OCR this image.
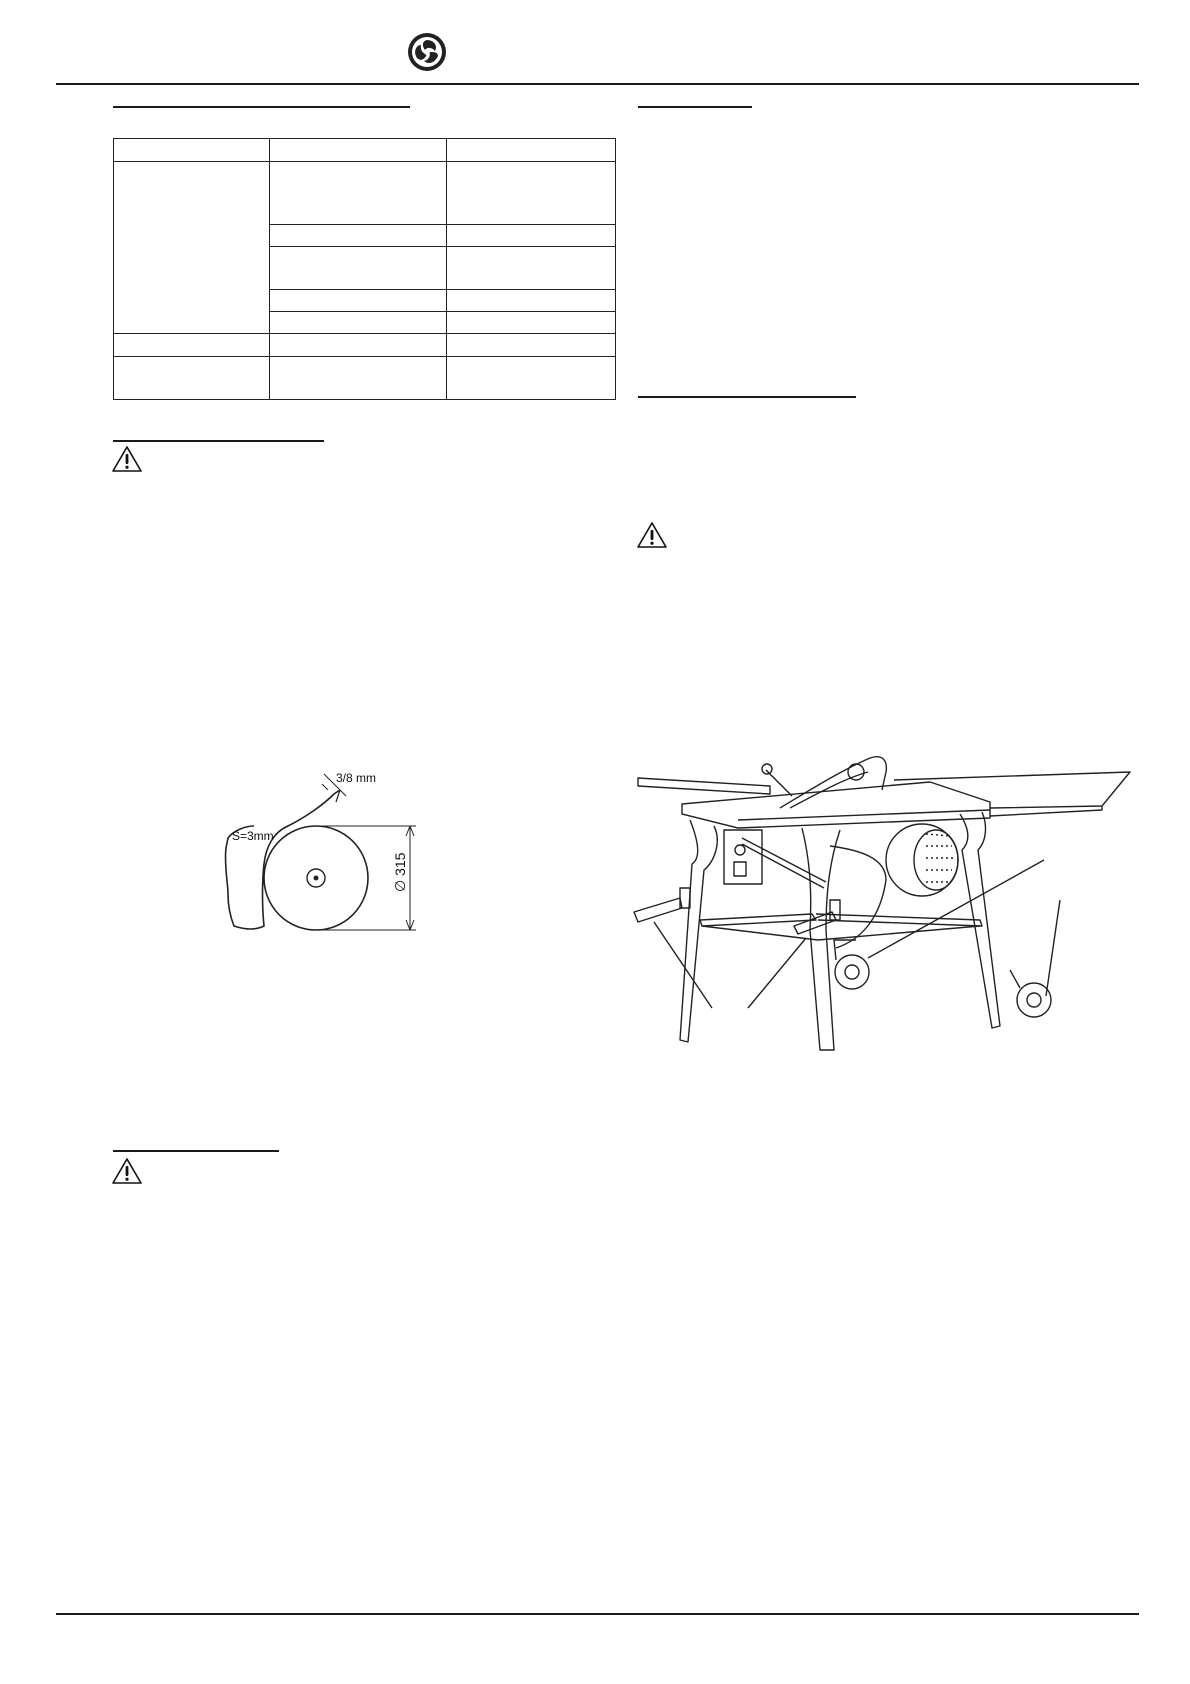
3/8 mm
S=3mm
∅ 315
